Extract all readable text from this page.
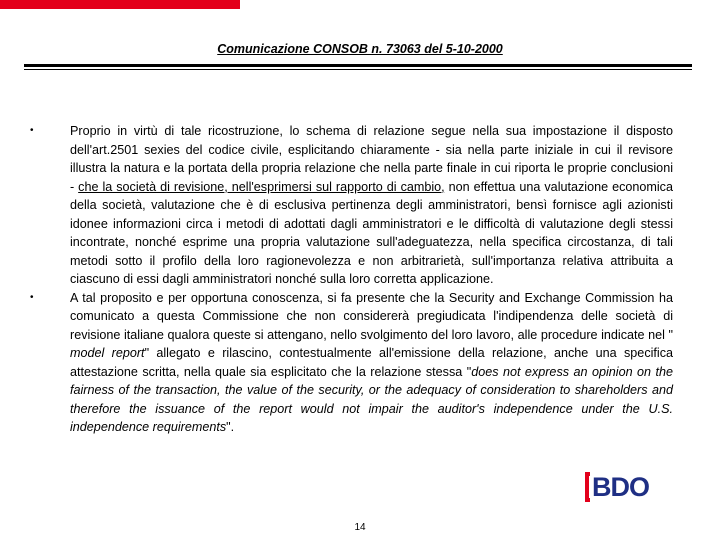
Comunicazione CONSOB n. 73063 del 5-10-2000

•	Proprio in virtù di tale ricostruzione, lo schema di relazione segue nella sua impostazione il disposto dell'art.2501 sexies del codice civile, esplicitando chiaramente - sia nella parte iniziale in cui il revisore illustra la natura e la portata della propria relazione che nella parte finale in cui riporta le proprie conclusioni - che la società di revisione, nell'esprimersi sul rapporto di cambio, non effettua una valutazione economica della società, valutazione che è di esclusiva pertinenza degli amministratori, bensì fornisce agli azionisti idonee informazioni circa i metodi di adottati dagli amministratori e le difficoltà di valutazione degli stessi incontrate, nonché esprime una propria valutazione sull'adeguatezza, nella specifica circostanza, di tali metodi sotto il profilo della loro ragionevolezza e non arbitrarietà, sull'importanza relativa attribuita a ciascuno di essi dagli amministratori nonché sulla loro corretta applicazione.

•	A tal proposito e per opportuna conoscenza, si fa presente che la Security and Exchange Commission ha comunicato a questa Commissione che non considererà pregiudicata l'indipendenza delle società di revisione italiane qualora queste si attengano, nello svolgimento del loro lavoro, alle procedure indicate nel " model report" allegato e rilascino, contestualmente all'emissione della relazione, anche una specifica attestazione scritta, nella quale sia esplicitato che la relazione stessa "does not express an opinion on the fairness of the transaction, the value of the security, or the adequacy of consideration to shareholders and therefore the issuance of the report would not impair the auditor's independence under the U.S. independence requirements".

BDO
14
